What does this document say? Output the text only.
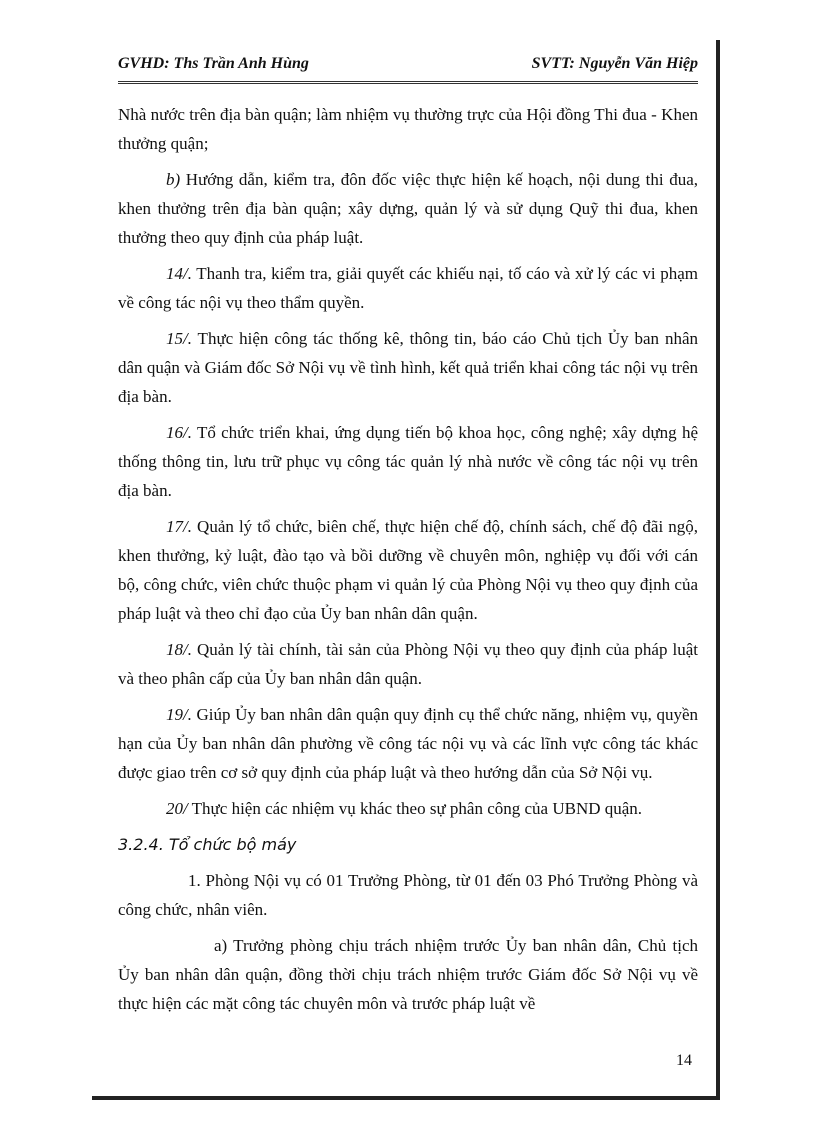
GVHD: Ths Trần Anh Hùng	SVTT: Nguyễn Văn Hiệp

Nhà nước trên địa bàn quận; làm nhiệm vụ thường trực của Hội đồng Thi đua - Khen thưởng quận;

b) Hướng dẫn, kiểm tra, đôn đốc việc thực hiện kế hoạch, nội dung thi đua, khen thưởng trên địa bàn quận; xây dựng, quản lý và sử dụng Quỹ thi đua, khen thưởng theo quy định của pháp luật.

14/. Thanh tra, kiểm tra, giải quyết các khiếu nại, tố cáo và xử lý các vi phạm về công tác nội vụ theo thẩm quyền.

15/. Thực hiện công tác thống kê, thông tin, báo cáo Chủ tịch Ủy ban nhân dân quận và Giám đốc Sở Nội vụ về tình hình, kết quả triển khai công tác nội vụ trên địa bàn.

16/. Tổ chức triển khai, ứng dụng tiến bộ khoa học, công nghệ; xây dựng hệ thống thông tin, lưu trữ phục vụ công tác quản lý nhà nước về công tác nội vụ trên địa bàn.

17/. Quản lý tổ chức, biên chế, thực hiện chế độ, chính sách, chế độ đãi ngộ, khen thưởng, kỷ luật, đào tạo và bồi dưỡng về chuyên môn, nghiệp vụ đối với cán bộ, công chức, viên chức thuộc phạm vi quản lý của Phòng Nội vụ theo quy định của pháp luật và theo chỉ đạo của Ủy ban nhân dân quận.

18/. Quản lý tài chính, tài sản của Phòng Nội vụ theo quy định của pháp luật và theo phân cấp của Ủy ban nhân dân quận.

19/. Giúp Ủy ban nhân dân quận quy định cụ thể chức năng, nhiệm vụ, quyền hạn của Ủy ban nhân dân phường về công tác nội vụ và các lĩnh vực công tác khác được giao trên cơ sở quy định của pháp luật và theo hướng dẫn của Sở Nội vụ.

20/ Thực hiện các nhiệm vụ khác theo sự phân công của UBND quận.

3.2.4. Tổ chức bộ máy

1. Phòng Nội vụ có 01 Trưởng Phòng, từ 01 đến 03 Phó Trưởng Phòng và công chức, nhân viên.

a) Trưởng phòng chịu trách nhiệm trước Ủy ban nhân dân, Chủ tịch Ủy ban nhân dân quận, đồng thời chịu trách nhiệm trước Giám đốc Sở Nội vụ về thực hiện các mặt công tác chuyên môn và trước pháp luật về

14
